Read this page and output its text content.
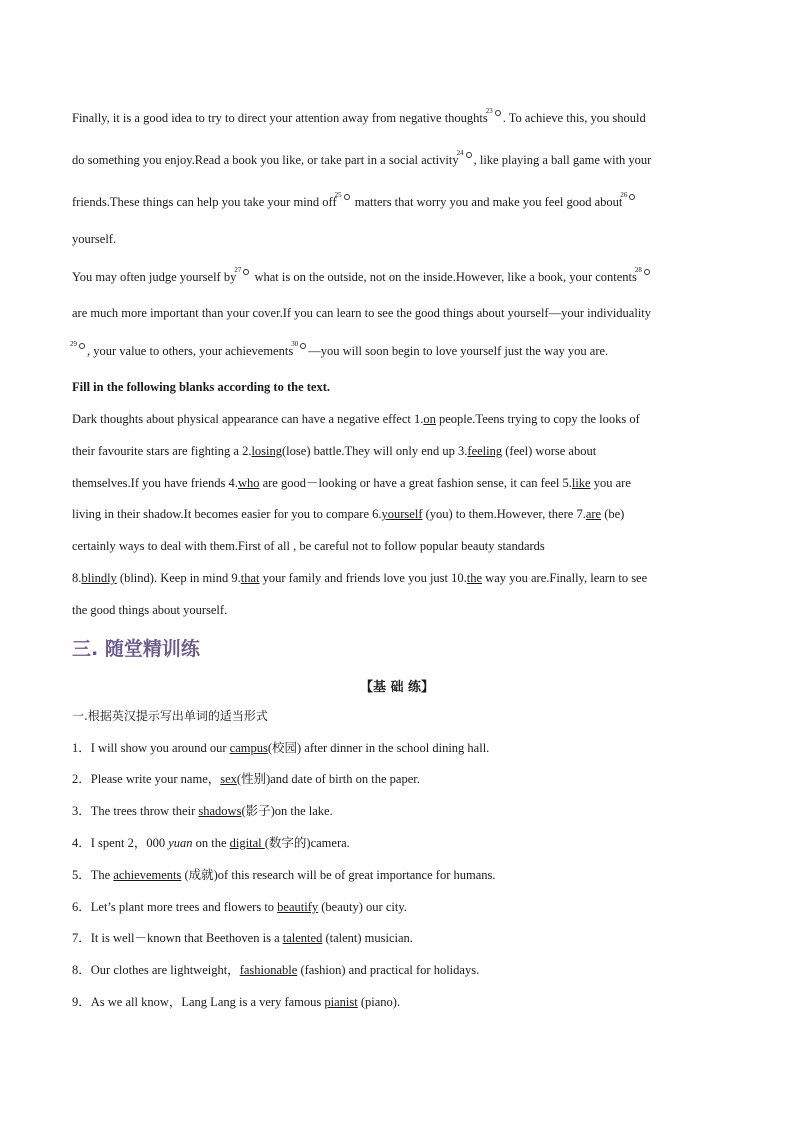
Finally, it is a good idea to try to direct your attention away from negative thoughts$^{23}$ . To achieve this, you should
do something you enjoy.Read a book you like, or take part in a social activity$^{24}$ , like playing a ball game with your
friends.These things can help you take your mind off$^{25}$ matters that worry you and make you feel good about$^{26}$
yourself.
You may often judge yourself $by^{27}$ what is on the outside, not on the inside.However, like a book, your contents$^{28}$
are much more important than your cover.If you can learn to see the good things about yourself—your individuality
$^{29}$ , your value to others, your achievements$^{30}$ —you will soon begin to love yourself just the way you are.
Fill in the following blanks according to the text.
Dark thoughts about physical appearance can have a negative effect 1.on people.Teens trying to copy the looks of
their favourite stars are fighting a 2.losing(lose) battle.They will only end up 3.feeling (feel) worse about
themselves.If you have friends 4.who are good－looking or have a great fashion sense, it can feel 5.like you are
living in their shadow.It becomes easier for you to compare 6.yourself (you) to them.However, there 7.are (be)
certainly ways to deal with them.First of all , be careful not to follow popular beauty standards
8.blindly (blind). Keep in mind 9.that your family and friends love you just 10.the way you are.Finally, learn to see
the good things about yourself.
三. 随堂精训练
【基 础 练】
一.根据英汉提示写出单词的适当形式
1．I will show you around our campus(校园) after dinner in the school dining hall.
2．Please write your name，sex(性别)and date of birth on the paper.
3．The trees throw their shadows(影子)on the lake.
4．I spent 2，000 yuan on the digital (数字的)camera.
5．The achievements (成就)of this research will be of great importance for humans.
6．Let’s plant more trees and flowers to beautify (beauty) our city.
7．It is well－known that Beethoven is a talented (talent) musician.
8．Our clothes are lightweight，fashionable (fashion) and practical for holidays.
9．As we all know，Lang Lang is a very famous pianist (piano).
